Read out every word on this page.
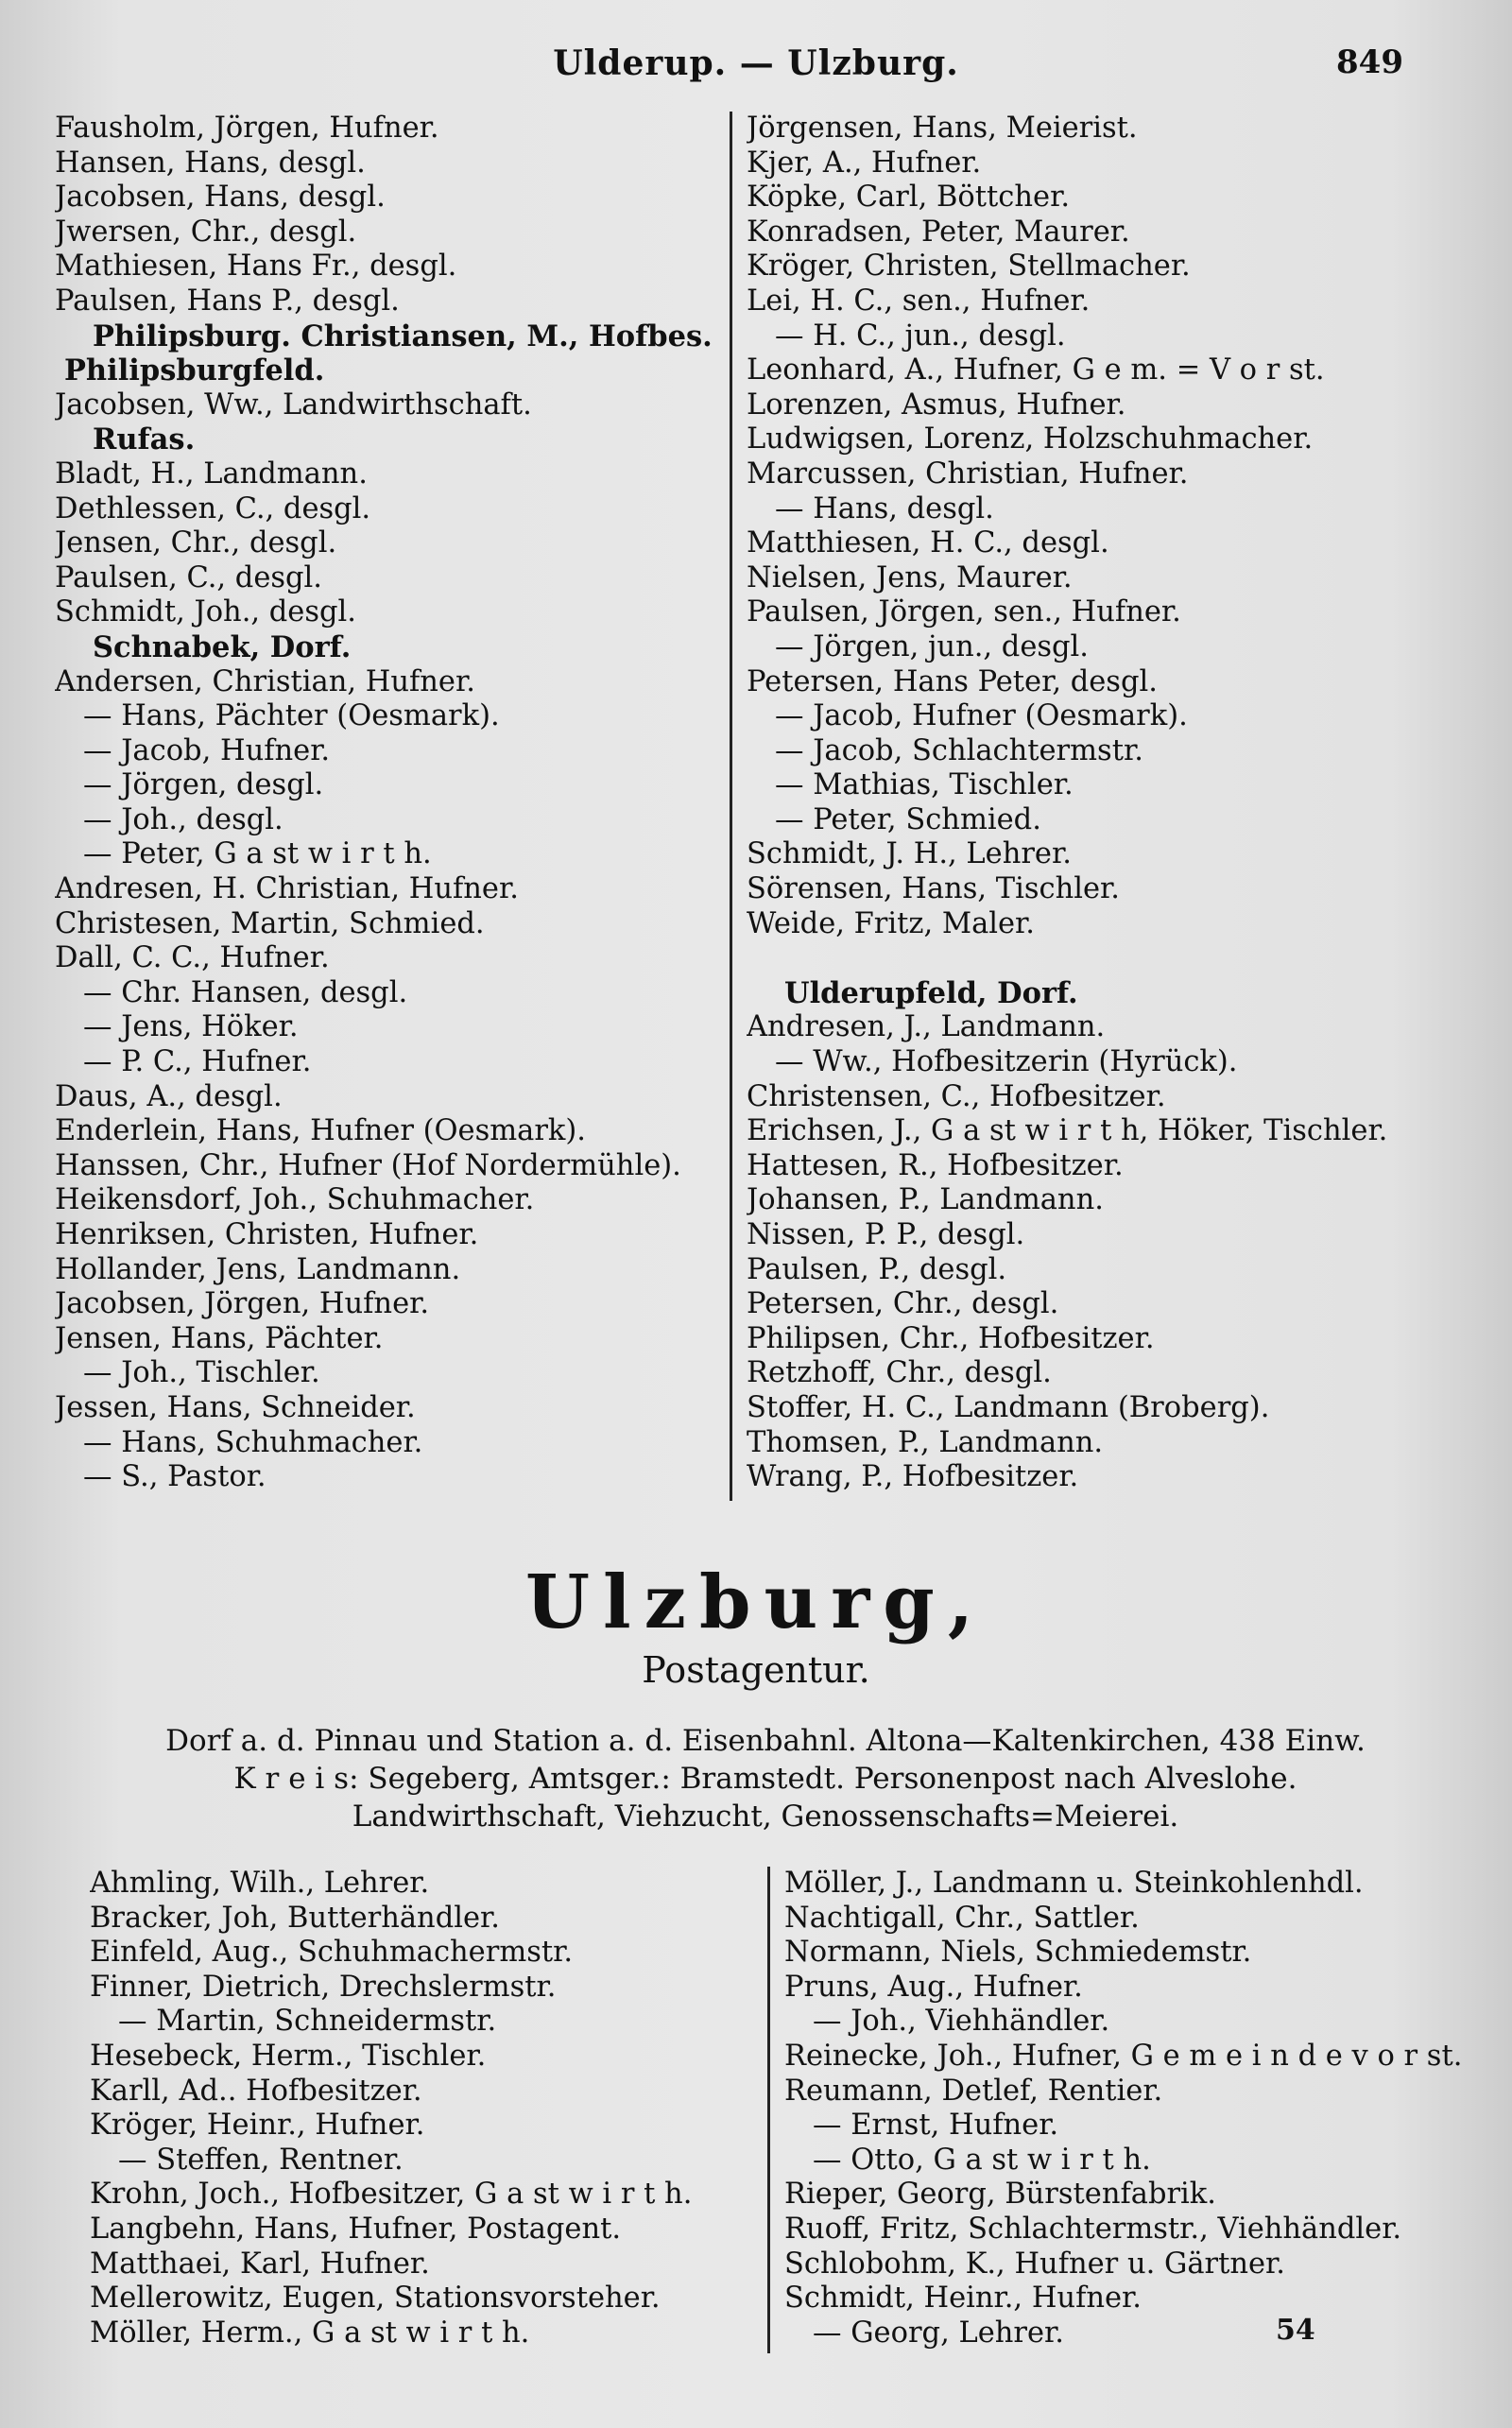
Ulderup. — Ulzburg.	849
Fausholm, Jörgen, Hufner.
Hansen, Hans, desgl.
Jacobsen, Hans, desgl.
Jwersen, Chr., desgl.
Mathiesen, Hans Fr., desgl.
Paulsen, Hans P., desgl.
Philipsburg. Christiansen, M., Hofbes.
Philipsburgfeld.
Jacobsen, Ww., Landwirthschaft.
Rufas.
Bladt, H., Landmann.
Dethlessen, C., desgl.
Jensen, Chr., desgl.
Paulsen, C., desgl.
Schmidt, Joh., desgl.
Schnabek, Dorf.
Andersen, Christian, Hufner.
— Hans, Pächter (Oesmark).
— Jacob, Hufner.
— Jörgen, desgl.
— Joh., desgl.
— Peter, G a st w i r t h.
Andresen, H. Christian, Hufner.
Christesen, Martin, Schmied.
Dall, C. C., Hufner.
— Chr. Hansen, desgl.
— Jens, Höker.
— P. C., Hufner.
Daus, A., desgl.
Enderlein, Hans, Hufner (Oesmark).
Hanssen, Chr., Hufner (Hof Nordermühle).
Heikensdorf, Joh., Schuhmacher.
Henriksen, Christen, Hufner.
Hollander, Jens, Landmann.
Jacobsen, Jörgen, Hufner.
Jensen, Hans, Pächter.
— Joh., Tischler.
Jessen, Hans, Schneider.
— Hans, Schuhmacher.
— S., Pastor.
Jörgensen, Hans, Meierist.
Kjer, A., Hufner.
Köpke, Carl, Böttcher.
Konradsen, Peter, Maurer.
Kröger, Christen, Stellmacher.
Lei, H. C., sen., Hufner.
— H. C., jun., desgl.
Leonhard, A., Hufner, G e m. = V o r st.
Lorenzen, Asmus, Hufner.
Ludwigsen, Lorenz, Holzschuhmacher.
Marcussen, Christian, Hufner.
— Hans, desgl.
Matthiesen, H. C., desgl.
Nielsen, Jens, Maurer.
Paulsen, Jörgen, sen., Hufner.
— Jörgen, jun., desgl.
Petersen, Hans Peter, desgl.
— Jacob, Hufner (Oesmark).
— Jacob, Schlachtermstr.
— Mathias, Tischler.
— Peter, Schmied.
Schmidt, J. H., Lehrer.
Sörensen, Hans, Tischler.
Weide, Fritz, Maler.
Ulderupfeld, Dorf.
Andresen, J., Landmann.
— Ww., Hofbesitzerin (Hyrück).
Christensen, C., Hofbesitzer.
Erichsen, J., G a st w i r t h, Höker, Tischler.
Hattesen, R., Hofbesitzer.
Johansen, P., Landmann.
Nissen, P. P., desgl.
Paulsen, P., desgl.
Petersen, Chr., desgl.
Philipsen, Chr., Hofbesitzer.
Retzhoff, Chr., desgl.
Stoffer, H. C., Landmann (Broberg).
Thomsen, P., Landmann.
Wrang, P., Hofbesitzer.
Ulzburg,
Postagentur.
Dorf a. d. Pinnau und Station a. d. Eisenbahnl. Altona—Kaltenkirchen, 438 Einw.
K r e i s: Segeberg, Amtsger.: Bramstedt. Personenpost nach Alveslohe.
Landwirthschaft, Viehzucht, Genossenschafts=Meierei.
Ahmling, Wilh., Lehrer.
Bracker, Joh, Butterhändler.
Einfeld, Aug., Schuhmachermstr.
Finner, Dietrich, Drechslermstr.
— Martin, Schneidermstr.
Hesebeck, Herm., Tischler.
Karll, Ad.. Hofbesitzer.
Kröger, Heinr., Hufner.
— Steffen, Rentner.
Krohn, Joch., Hofbesitzer, G a st w i r t h.
Langbehn, Hans, Hufner, Postagent.
Matthaei, Karl, Hufner.
Mellerowitz, Eugen, Stationsvorsteher.
Möller, Herm., G a st w i r t h.
Möller, J., Landmann u. Steinkohlenhdl.
Nachtigall, Chr., Sattler.
Normann, Niels, Schmiedemstr.
Pruns, Aug., Hufner.
— Joh., Viehhändler.
Reinecke, Joh., Hufner, G e m e i n d e v o r st.
Reumann, Detlef, Rentier.
— Ernst, Hufner.
— Otto, G a st w i r t h.
Rieper, Georg, Bürstenfabrik.
Ruoff, Fritz, Schlachtermstr., Viehhändler.
Schlobohm, K., Hufner u. Gärtner.
Schmidt, Heinr., Hufner.
— Georg, Lehrer.	54
